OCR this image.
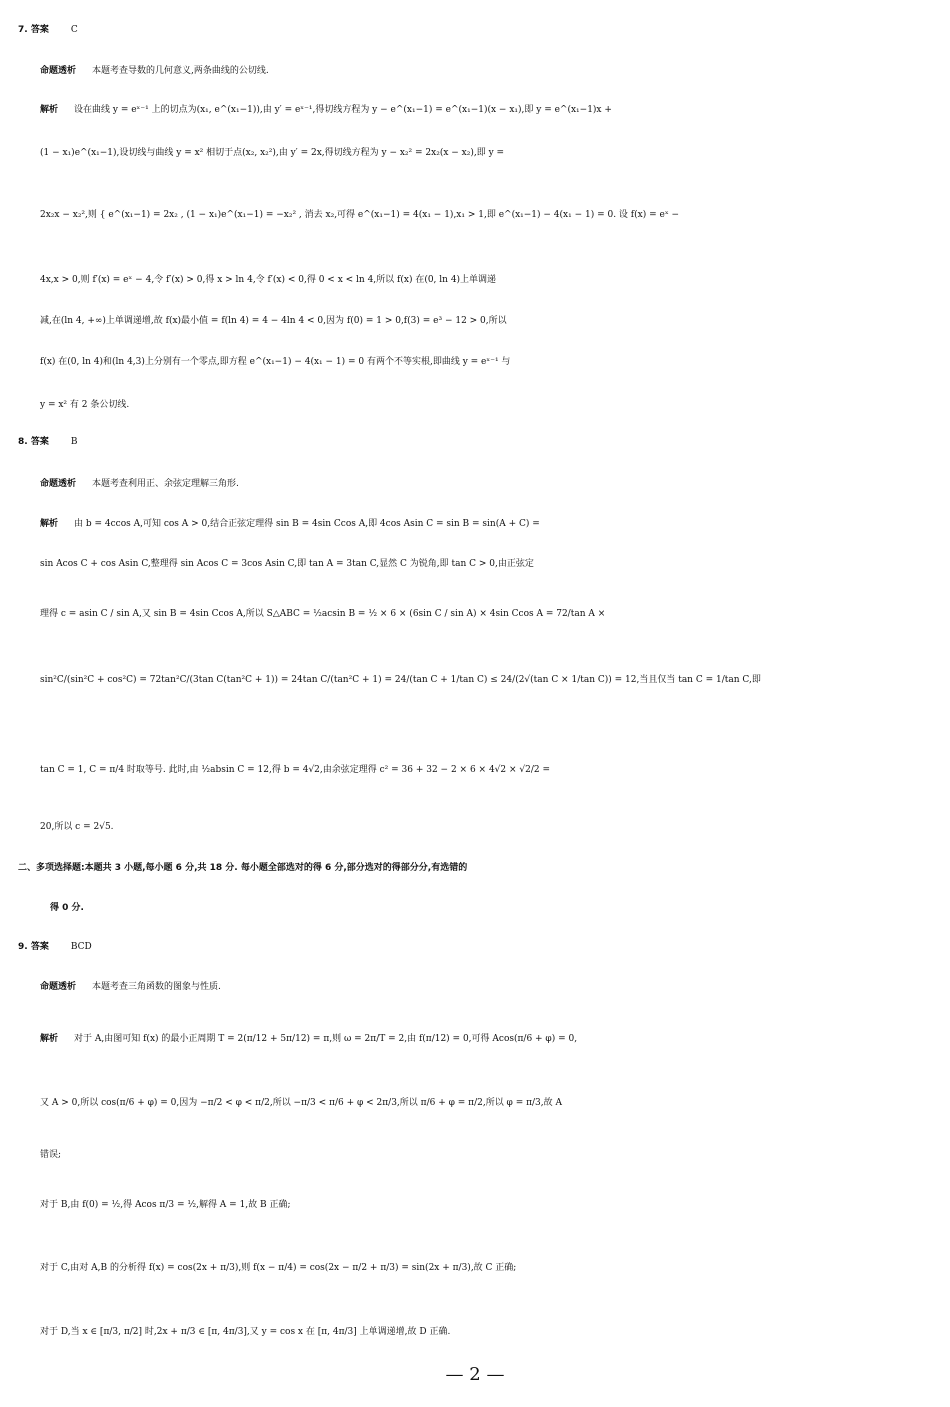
7. 答案 C
命题透析 本题考查导数的几何意义,两条曲线的公切线.
解析 设在曲线 y = eˣ⁻¹ 上的切点为(x₁, e^(x₁−1)),由 y′ = eˣ⁻¹,得切线方程为 y − e^(x₁−1) = e^(x₁−1)(x − x₁),即 y = e^(x₁−1)x +
(1 − x₁)e^(x₁−1),设切线与曲线 y = x² 相切于点(x₂, x₂²),由 y′ = 2x,得切线方程为 y − x₂² = 2x₂(x − x₂),即 y =
2x₂x − x₂²,则 { e^(x₁−1) = 2x₂ , (1 − x₁)e^(x₁−1) = −x₂² , 消去 x₂,可得 e^(x₁−1) = 4(x₁ − 1),x₁ > 1,即 e^(x₁−1) − 4(x₁ − 1) = 0. 设 f(x) = eˣ −
4x,x > 0,则 f′(x) = eˣ − 4,令 f′(x) > 0,得 x > ln 4,令 f′(x) < 0,得 0 < x < ln 4,所以 f(x) 在(0, ln 4)上单调递
减,在(ln 4, +∞)上单调递增,故 f(x)最小值 = f(ln 4) = 4 − 4ln 4 < 0,因为 f(0) = 1 > 0,f(3) = e³ − 12 > 0,所以
f(x) 在(0, ln 4)和(ln 4,3)上分别有一个零点,即方程 e^(x₁−1) − 4(x₁ − 1) = 0 有两个不等实根,即曲线 y = eˣ⁻¹ 与
y = x² 有 2 条公切线.
8. 答案 B
命题透析 本题考查利用正、余弦定理解三角形.
解析 由 b = 4ccos A,可知 cos A > 0,结合正弦定理得 sin B = 4sin Ccos A,即 4cos Asin C = sin B = sin(A + C) =
sin Acos C + cos Asin C,整理得 sin Acos C = 3cos Asin C,即 tan A = 3tan C,显然 C 为锐角,即 tan C > 0,由正弦定
理得 c = asin C / sin A,又 sin B = 4sin Ccos A,所以 S△ABC = ½acsin B = ½ × 6 × (6sin C / sin A) × 4sin Ccos A = 72/tan A ×
sin²C/(sin²C + cos²C) = 72tan²C/(3tan C(tan²C + 1)) = 24tan C/(tan²C + 1) = 24/(tan C + 1/tan C) ≤ 24/(2√(tan C × 1/tan C)) = 12,当且仅当 tan C = 1/tan C,即
tan C = 1, C = π/4 时取等号. 此时,由 ½absin C = 12,得 b = 4√2,由余弦定理得 c² = 36 + 32 − 2 × 6 × 4√2 × √2/2 =
20,所以 c = 2√5.
二、多项选择题:本题共 3 小题,每小题 6 分,共 18 分. 每小题全部选对的得 6 分,部分选对的得部分分,有选错的
得 0 分.
9. 答案 BCD
命题透析 本题考查三角函数的图象与性质.
解析 对于 A,由图可知 f(x) 的最小正周期 T = 2(π/12 + 5π/12) = π,则 ω = 2π/T = 2,由 f(π/12) = 0,可得 Acos(π/6 + φ) = 0,
又 A > 0,所以 cos(π/6 + φ) = 0,因为 −π/2 < φ < π/2,所以 −π/3 < π/6 + φ < 2π/3,所以 π/6 + φ = π/2,所以 φ = π/3,故 A
错误;
对于 B,由 f(0) = ½,得 Acos π/3 = ½,解得 A = 1,故 B 正确;
对于 C,由对 A,B 的分析得 f(x) = cos(2x + π/3),则 f(x − π/4) = cos(2x − π/2 + π/3) = sin(2x + π/3),故 C 正确;
对于 D,当 x ∈ [π/3, π/2] 时,2x + π/3 ∈ [π, 4π/3],又 y = cos x 在 [π, 4π/3] 上单调递增,故 D 正确.
— 2 —
